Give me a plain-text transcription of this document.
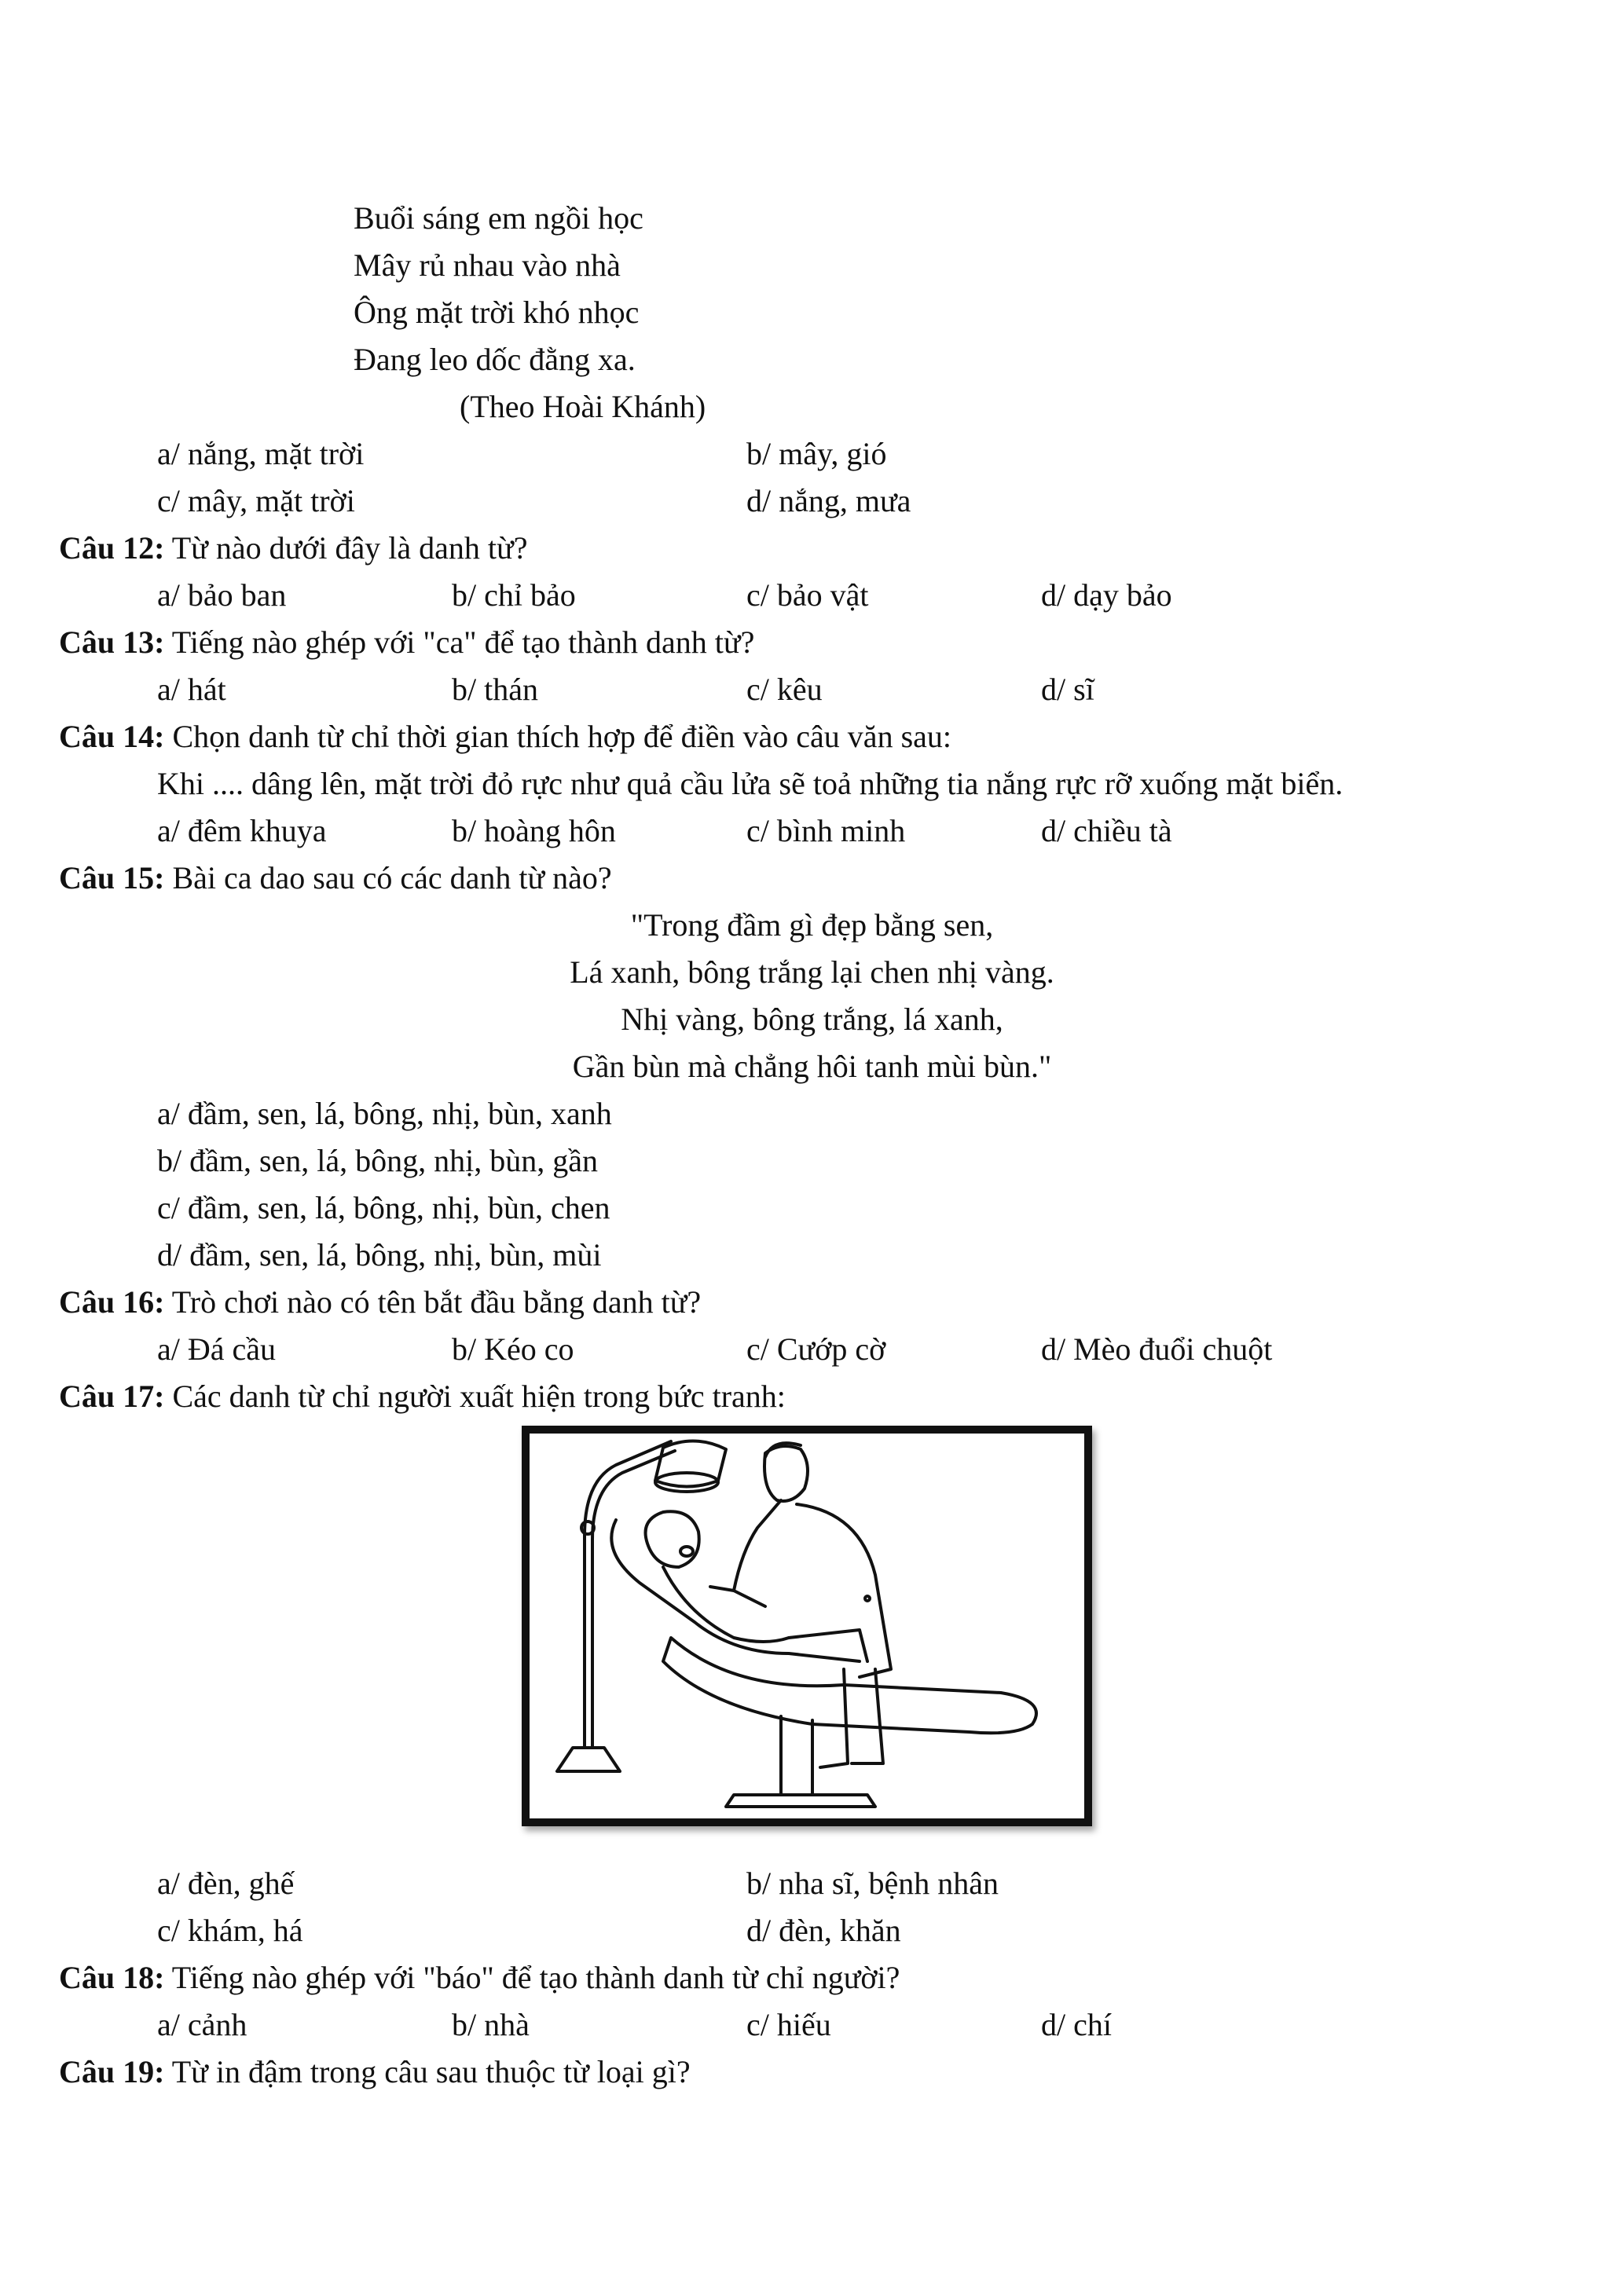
Buổi sáng em ngồi học
Mây rủ nhau vào nhà
Ông mặt trời khó nhọc
Đang leo dốc đằng xa.
(Theo Hoài Khánh)
a/ nắng, mặt trời	b/ mây, gió
c/ mây, mặt trời	d/ nắng, mưa
Câu 12: Từ nào dưới đây là danh từ?
a/ bảo ban	b/ chỉ bảo	c/ bảo vật	d/ dạy bảo
Câu 13: Tiếng nào ghép với "ca" để tạo thành danh từ?
a/ hát	b/ thán	c/ kêu	d/ sĩ
Câu 14: Chọn danh từ chỉ thời gian thích hợp để điền vào câu văn sau:
Khi .... dâng lên, mặt trời đỏ rực như quả cầu lửa sẽ toả những tia nắng rực rỡ xuống mặt biển.
a/ đêm khuya	b/ hoàng hôn	c/ bình minh	d/ chiều tà
Câu 15: Bài ca dao sau có các danh từ nào?
"Trong đầm gì đẹp bằng sen,
Lá xanh, bông trắng lại chen nhị vàng.
Nhị vàng, bông trắng, lá xanh,
Gần bùn mà chẳng hôi tanh mùi bùn."
a/ đầm, sen, lá, bông, nhị, bùn, xanh
b/ đầm, sen, lá, bông, nhị, bùn, gần
c/ đầm, sen, lá, bông, nhị, bùn, chen
d/ đầm, sen, lá, bông, nhị, bùn, mùi
Câu 16: Trò chơi nào có tên bắt đầu bằng danh từ?
a/ Đá cầu	b/ Kéo co	c/ Cướp cờ	d/ Mèo đuổi chuột
Câu 17: Các danh từ chỉ người xuất hiện trong bức tranh:
a/ đèn, ghế	b/ nha sĩ, bệnh nhân
c/ khám, há	d/ đèn, khăn
Câu 18: Tiếng nào ghép với "báo" để tạo thành danh từ chỉ người?
a/ cảnh	b/ nhà	c/ hiếu	d/ chí
Câu 19: Từ in đậm trong câu sau thuộc từ loại gì?
